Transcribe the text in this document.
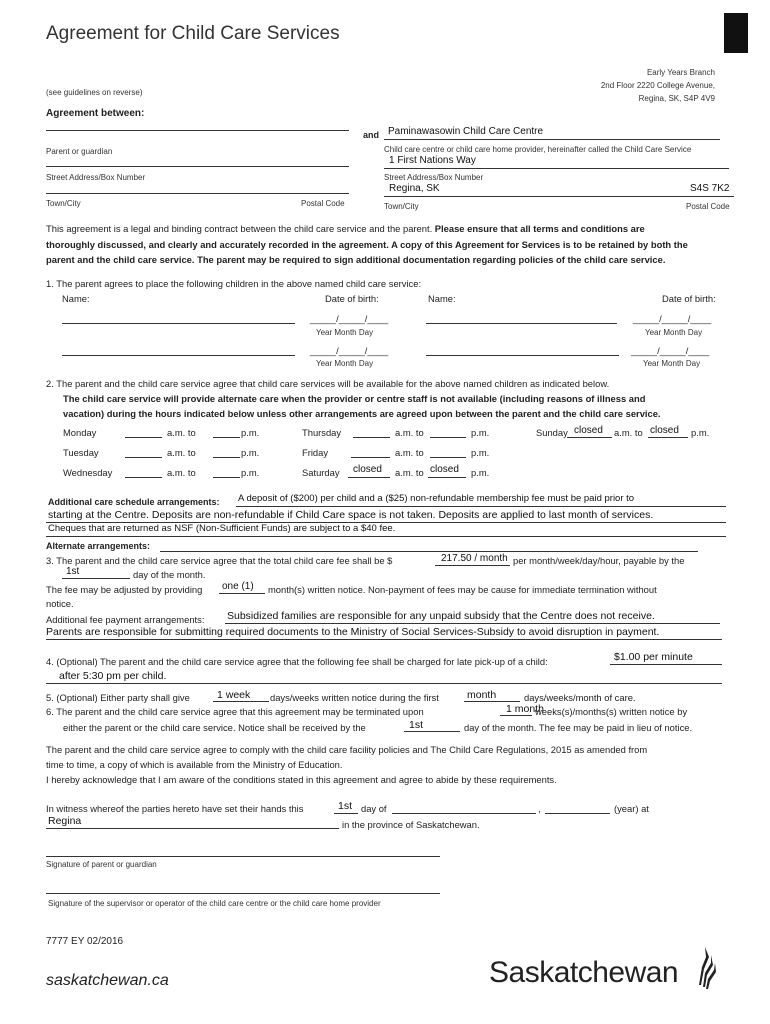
Agreement for Child Care Services
(see guidelines on reverse)
Early Years Branch
2nd Floor 2220 College Avenue,
Regina, SK, S4P 4V9
Agreement between:
and Paminawasowin Child Care Centre
Parent or guardian	Child care centre or child care home provider, hereinafter called the Child Care Service
1 First Nations Way
Street Address/Box Number	Street Address/Box Number
Regina, SK	S4S 7K2
Town/City	Postal Code	Town/City	Postal Code
This agreement is a legal and binding contract between the child care service and the parent. Please ensure that all terms and conditions are
thoroughly discussed, and clearly and accurately recorded in the agreement. A copy of this Agreement for Services is to be retained by both the
parent and the child care service. The parent may be required to sign additional documentation regarding policies of the child care service.
1. The parent agrees to place the following children in the above named child care service:
Name:	Date of birth:	Name:	Date of birth:
_____/_____/____	_____/_____/____
Year Month Day	Year Month Day
_____/_____/____	_____/_____/____
Year Month Day	Year Month Day
2. The parent and the child care service agree that child care services will be available for the above named children as indicated below.
The child care service will provide alternate care when the provider or centre staff is not available (including reasons of illness and
vacation) during the hours indicated below unless other arrangements are agreed upon between the parent and the child care service.
Monday	a.m. to	p.m.	Thursday	a.m. to	p.m.	Sunday closed a.m. to closed p.m.
Tuesday	a.m. to	p.m.	Friday	a.m. to	p.m.
Wednesday	a.m. to	p.m.	Saturday closed a.m. to closed p.m.
Additional care schedule arrangements: A deposit of ($200) per child and a ($25) non-refundable membership fee must be paid prior to
starting at the Centre. Deposits are non-refundable if Child Care space is not taken. Deposits are applied to last month of services.
Cheques that are returned as NSF (Non-Sufficient Funds) are subject to a $40 fee.
Alternate arrangements:
3. The parent and the child care service agree that the total child care fee shall be $	217.50 / month per month/week/day/hour, payable by the
1st	day of the month.
The fee may be adjusted by providing one (1) month(s) written notice. Non-payment of fees may be cause for immediate termination without
notice.
Additional fee payment arrangements: Subsidized families are responsible for any unpaid subsidy that the Centre does not receive.
Parents are responsible for submitting required documents to the Ministry of Social Services-Subsidy to avoid disruption in payment.
4. (Optional) The parent and the child care service agree that the following fee shall be charged for late pick-up of a child:	$1.00 per minute
after 5:30 pm per child.
5. (Optional) Either party shall give	1 week days/weeks written notice during the first	month	days/weeks/month of care.
6. The parent and the child care service agree that this agreement may be terminated upon	1 month
weeks(s)/months(s) written notice by
either the parent or the child care service. Notice shall be received by the	1st	day of the month. The fee may be paid in lieu of notice.
The parent and the child care service agree to comply with the child care facility policies and The Child Care Regulations, 2015 as amended from
time to time, a copy of which is available from the Ministry of Education.
I hereby acknowledge that I am aware of the conditions stated in this agreement and agree to abide by these requirements.
In witness whereof the parties hereto have set their hands this	1st day of	,	(year) at
Regina	in the province of Saskatchewan.
Signature of parent or guardian
Signature of the supervisor or operator of the child care centre or the child care home provider
7777 EY 02/2016
saskatchewan.ca	Saskatchewan
